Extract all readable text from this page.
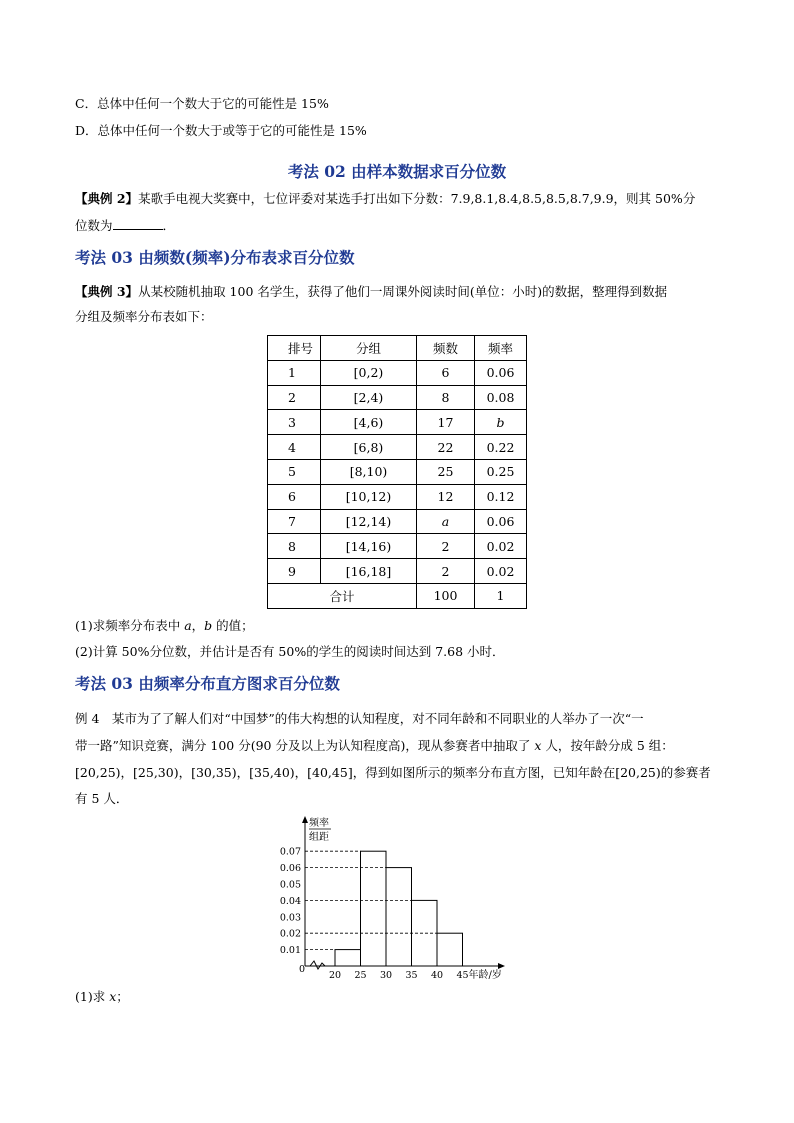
C．总体中任何一个数大于它的可能性是 15%
D．总体中任何一个数大于或等于它的可能性是 15%
考法 02 由样本数据求百分位数
【典例 2】某歌手电视大奖赛中，七位评委对某选手打出如下分数：7.9,8.1,8.4,8.5,8.5,8.7,9.9，则其 50%分
位数为	．
考法 03 由频数(频率)分布表求百分位数
【典例 3】从某校随机抽取 100 名学生，获得了他们一周课外阅读时间(单位：小时)的数据，整理得到数据
分组及频率分布表如下：
排号	分组	频数	频率
1	[0,2)	6	0.06
2	[2,4)	8	0.08
3	[4,6)	17	b
4	[6,8)	22	0.22
5	[8,10)	25	0.25
6	[10,12)	12	0.12
7	[12,14)	a	0.06
8	[14,16)	2	0.02
9	[16,18]	2	0.02
合计		100	1
(1)求频率分布表中 a，b 的值；
(2)计算 50%分位数，并估计是否有 50%的学生的阅读时间达到 7.68 小时．
考法 03 由频率分布直方图求百分位数
例 4　某市为了了解人们对“中国梦”的伟大构想的认知程度，对不同年龄和不同职业的人举办了一次“一
带一路”知识竞赛，满分 100 分(90 分及以上为认知程度高)，现从参赛者中抽取了 x 人，按年龄分成 5 组：
[20,25)，[25,30)，[30,35)，[35,40)，[40,45]，得到如图所示的频率分布直方图，已知年龄在[20,25)的参赛者
有 5 人．
频率
组距
0.01
0.02
0.03
0.04
0.05
0.06
0.07
0
20 25 30 35 40 45 年龄/岁
(1)求 x；
